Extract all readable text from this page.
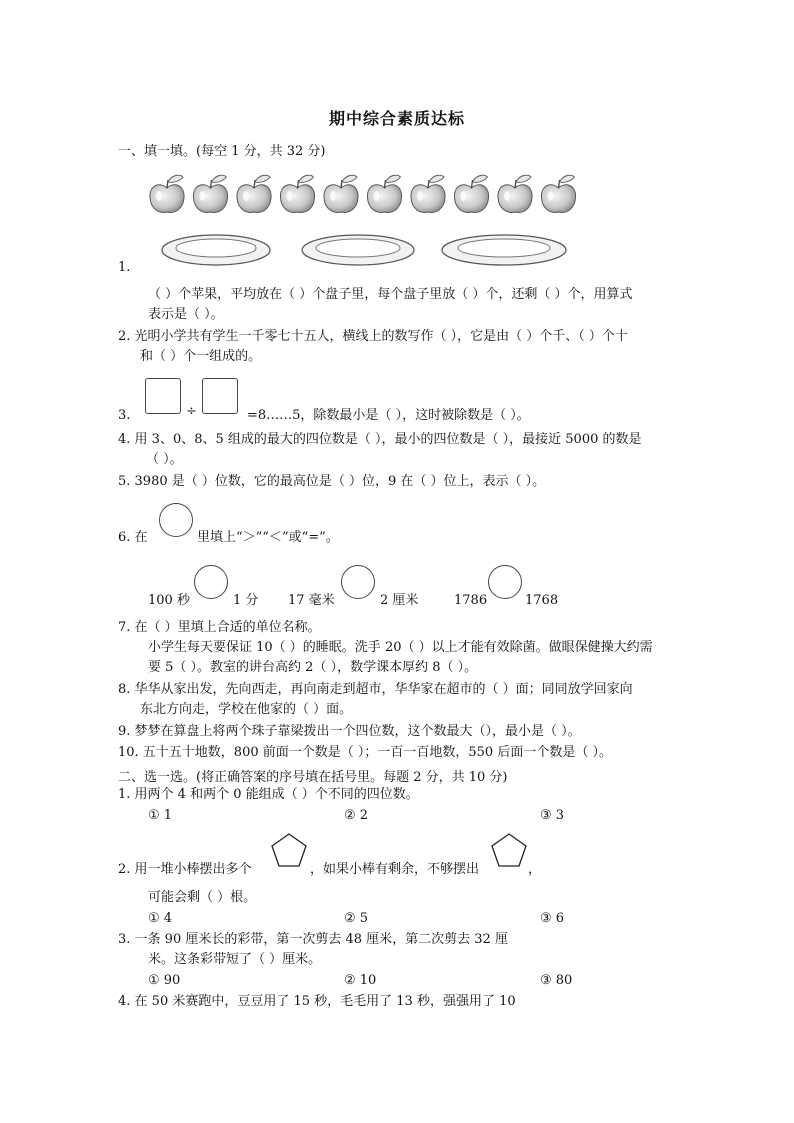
期中综合素质达标
一、填一填。(每空 1 分，共 32 分)
1.
（ ）个苹果，平均放在（ ）个盘子里，每个盘子里放（ ）个，还剩（ ）个，用算式
表示是（ ）。
2. 光明小学共有学生一千零七十五人，横线上的数写作（ ），它是由（ ）个千、（ ）个十
和（ ）个一组成的。
÷
3.	=8……5，除数最小是（ ），这时被除数是（ ）。
4. 用 3、0、8、5 组成的最大的四位数是（ ），最小的四位数是（ ），最接近 5000 的数是
（ ）。
5. 3980 是（ ）位数，它的最高位是（ ）位，9 在（ ）位上，表示（ ）。
6. 在	里填上“＞”“＜”或“=”。
100 秒	1 分 17 毫米	2 厘米	1786	1768
7. 在（ ）里填上合适的单位名称。
小学生每天要保证 10（ ）的睡眠。洗手 20（ ）以上才能有效除菌。做眼保健操大约需
要 5（ ）。教室的讲台高约 2（ ），数学课本厚约 8（ ）。
8. 华华从家出发，先向西走，再向南走到超市，华华家在超市的（ ）面；同同放学回家向
东北方向走，学校在他家的（ ）面。
9. 梦梦在算盘上将两个珠子靠梁拨出一个四位数，这个数最大（），最小是（ ）。
10. 五十五十地数，800 前面一个数是（ ）；一百一百地数，550 后面一个数是（ ）。
二、选一选。(将正确答案的序号填在括号里。每题 2 分，共 10 分)
1. 用两个 4 和两个 0 能组成（ ）个不同的四位数。
① 1	② 2	③ 3
2. 用一堆小棒摆出多个	，如果小棒有剩余，不够摆出	，
可能会剩（ ）根。
① 4	② 5	③ 6
3. 一条 90 厘米长的彩带，第一次剪去 48 厘米，第二次剪去 32 厘
米。这条彩带短了（ ）厘米。
① 90	② 10	③ 80
4. 在 50 米赛跑中，豆豆用了 15 秒，毛毛用了 13 秒，强强用了 10
